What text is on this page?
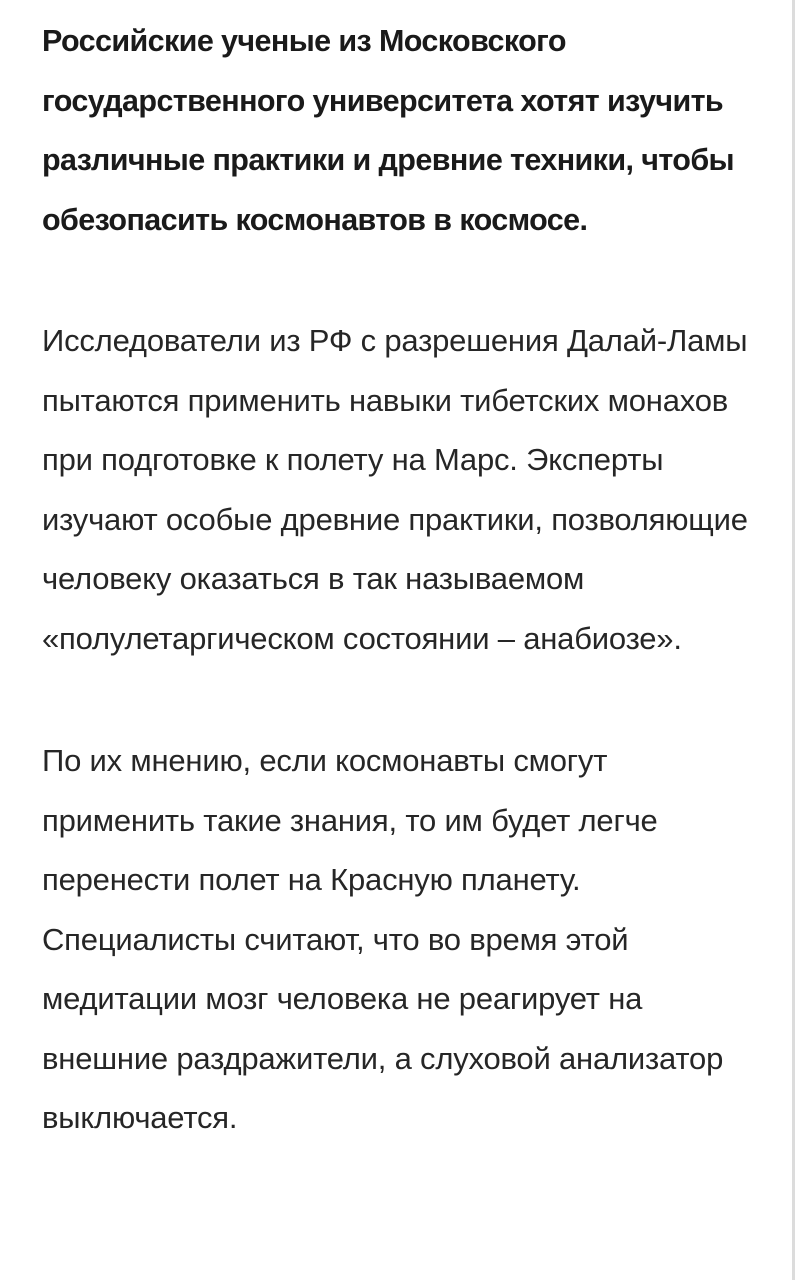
Российские ученые из Московского государственного университета хотят изучить различные практики и древние техники, чтобы обезопасить космонавтов в космосе.

Исследователи из РФ с разрешения Далай-Ламы пытаются применить навыки тибетских монахов при подготовке к полету на Марс. Эксперты изучают особые древние практики, позволяющие человеку оказаться в так называемом «полулетаргическом состоянии – анабиозе».

По их мнению, если космонавты смогут применить такие знания, то им будет легче перенести полет на Красную планету. Специалисты считают, что во время этой медитации мозг человека не реагирует на внешние раздражители, а слуховой анализатор выключается.
